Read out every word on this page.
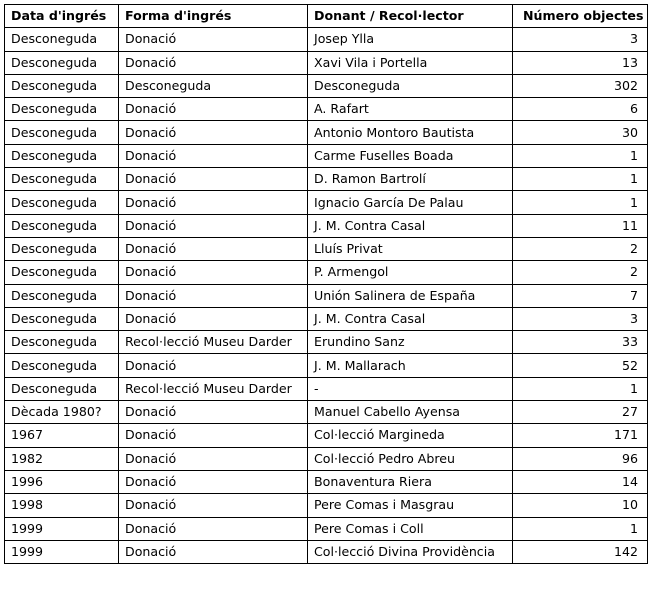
Data d'ingrés	Forma d'ingrés	Donant / Recol·lector	Número objectes
Desconeguda	Donació	Josep Ylla	3
Desconeguda	Donació	Xavi Vila i Portella	13
Desconeguda	Desconeguda	Desconeguda	302
Desconeguda	Donació	A. Rafart	6
Desconeguda	Donació	Antonio Montoro Bautista	30
Desconeguda	Donació	Carme Fuselles Boada	1
Desconeguda	Donació	D. Ramon Bartrolí	1
Desconeguda	Donació	Ignacio García De Palau	1
Desconeguda	Donació	J. M. Contra Casal	11
Desconeguda	Donació	Lluís Privat	2
Desconeguda	Donació	P. Armengol	2
Desconeguda	Donació	Unión Salinera de España	7
Desconeguda	Donació	J. M. Contra Casal	3
Desconeguda	Recol·lecció Museu Darder	Erundino Sanz	33
Desconeguda	Donació	J. M. Mallarach	52
Desconeguda	Recol·lecció Museu Darder	-	1
Dècada 1980?	Donació	Manuel Cabello Ayensa	27
1967	Donació	Col·lecció Margineda	171
1982	Donació	Col·lecció Pedro Abreu	96
1996	Donació	Bonaventura Riera	14
1998	Donació	Pere Comas i Masgrau	10
1999	Donació	Pere Comas i Coll	1
1999	Donació	Col·lecció Divina Providència	142
